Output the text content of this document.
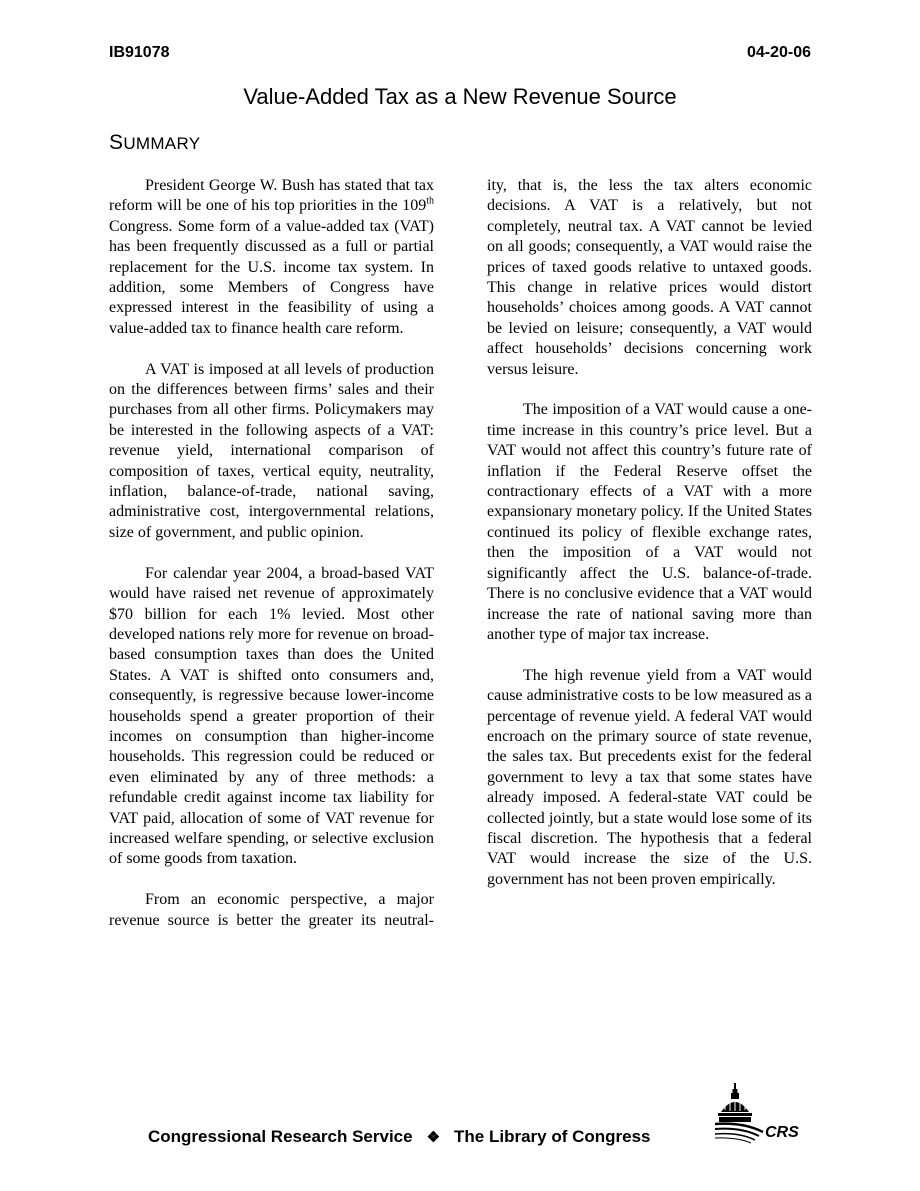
IB91078	04-20-06
Value-Added Tax as a New Revenue Source
SUMMARY

President George W. Bush has stated that tax reform will be one of his top priorities in the 109th Congress. Some form of a value-added tax (VAT) has been frequently discussed as a full or partial replacement for the U.S. income tax system. In addition, some Members of Congress have expressed interest in the feasibility of using a value-added tax to finance health care reform.

A VAT is imposed at all levels of production on the differences between firms’ sales and their purchases from all other firms. Policymakers may be interested in the following aspects of a VAT: revenue yield, international comparison of composition of taxes, vertical equity, neutrality, inflation, balance-of-trade, national saving, administrative cost, intergovernmental relations, size of government, and public opinion.

For calendar year 2004, a broad-based VAT would have raised net revenue of approximately $70 billion for each 1% levied. Most other developed nations rely more for revenue on broad-based consumption taxes than does the United States. A VAT is shifted onto consumers and, consequently, is regressive because lower-income households spend a greater proportion of their incomes on consumption than higher-income households. This regression could be reduced or even eliminated by any of three methods: a refundable credit against income tax liability for VAT paid, allocation of some of VAT revenue for increased welfare spending, or selective exclusion of some goods from taxation.

From an economic perspective, a major revenue source is better the greater its neutral-

ity, that is, the less the tax alters economic decisions. A VAT is a relatively, but not completely, neutral tax. A VAT cannot be levied on all goods; consequently, a VAT would raise the prices of taxed goods relative to untaxed goods. This change in relative prices would distort households’ choices among goods. A VAT cannot be levied on leisure; consequently, a VAT would affect households’ decisions concerning work versus leisure.

The imposition of a VAT would cause a one-time increase in this country’s price level. But a VAT would not affect this country’s future rate of inflation if the Federal Reserve offset the contractionary effects of a VAT with a more expansionary monetary policy. If the United States continued its policy of flexible exchange rates, then the imposition of a VAT would not significantly affect the U.S. balance-of-trade. There is no conclusive evidence that a VAT would increase the rate of national saving more than another type of major tax increase.

The high revenue yield from a VAT would cause administrative costs to be low measured as a percentage of revenue yield. A federal VAT would encroach on the primary source of state revenue, the sales tax. But precedents exist for the federal government to levy a tax that some states have already imposed. A federal-state VAT could be collected jointly, but a state would lose some of its fiscal discretion. The hypothesis that a federal VAT would increase the size of the U.S. government has not been proven empirically.

Congressional Research Service ❖ The Library of Congress	CRS
